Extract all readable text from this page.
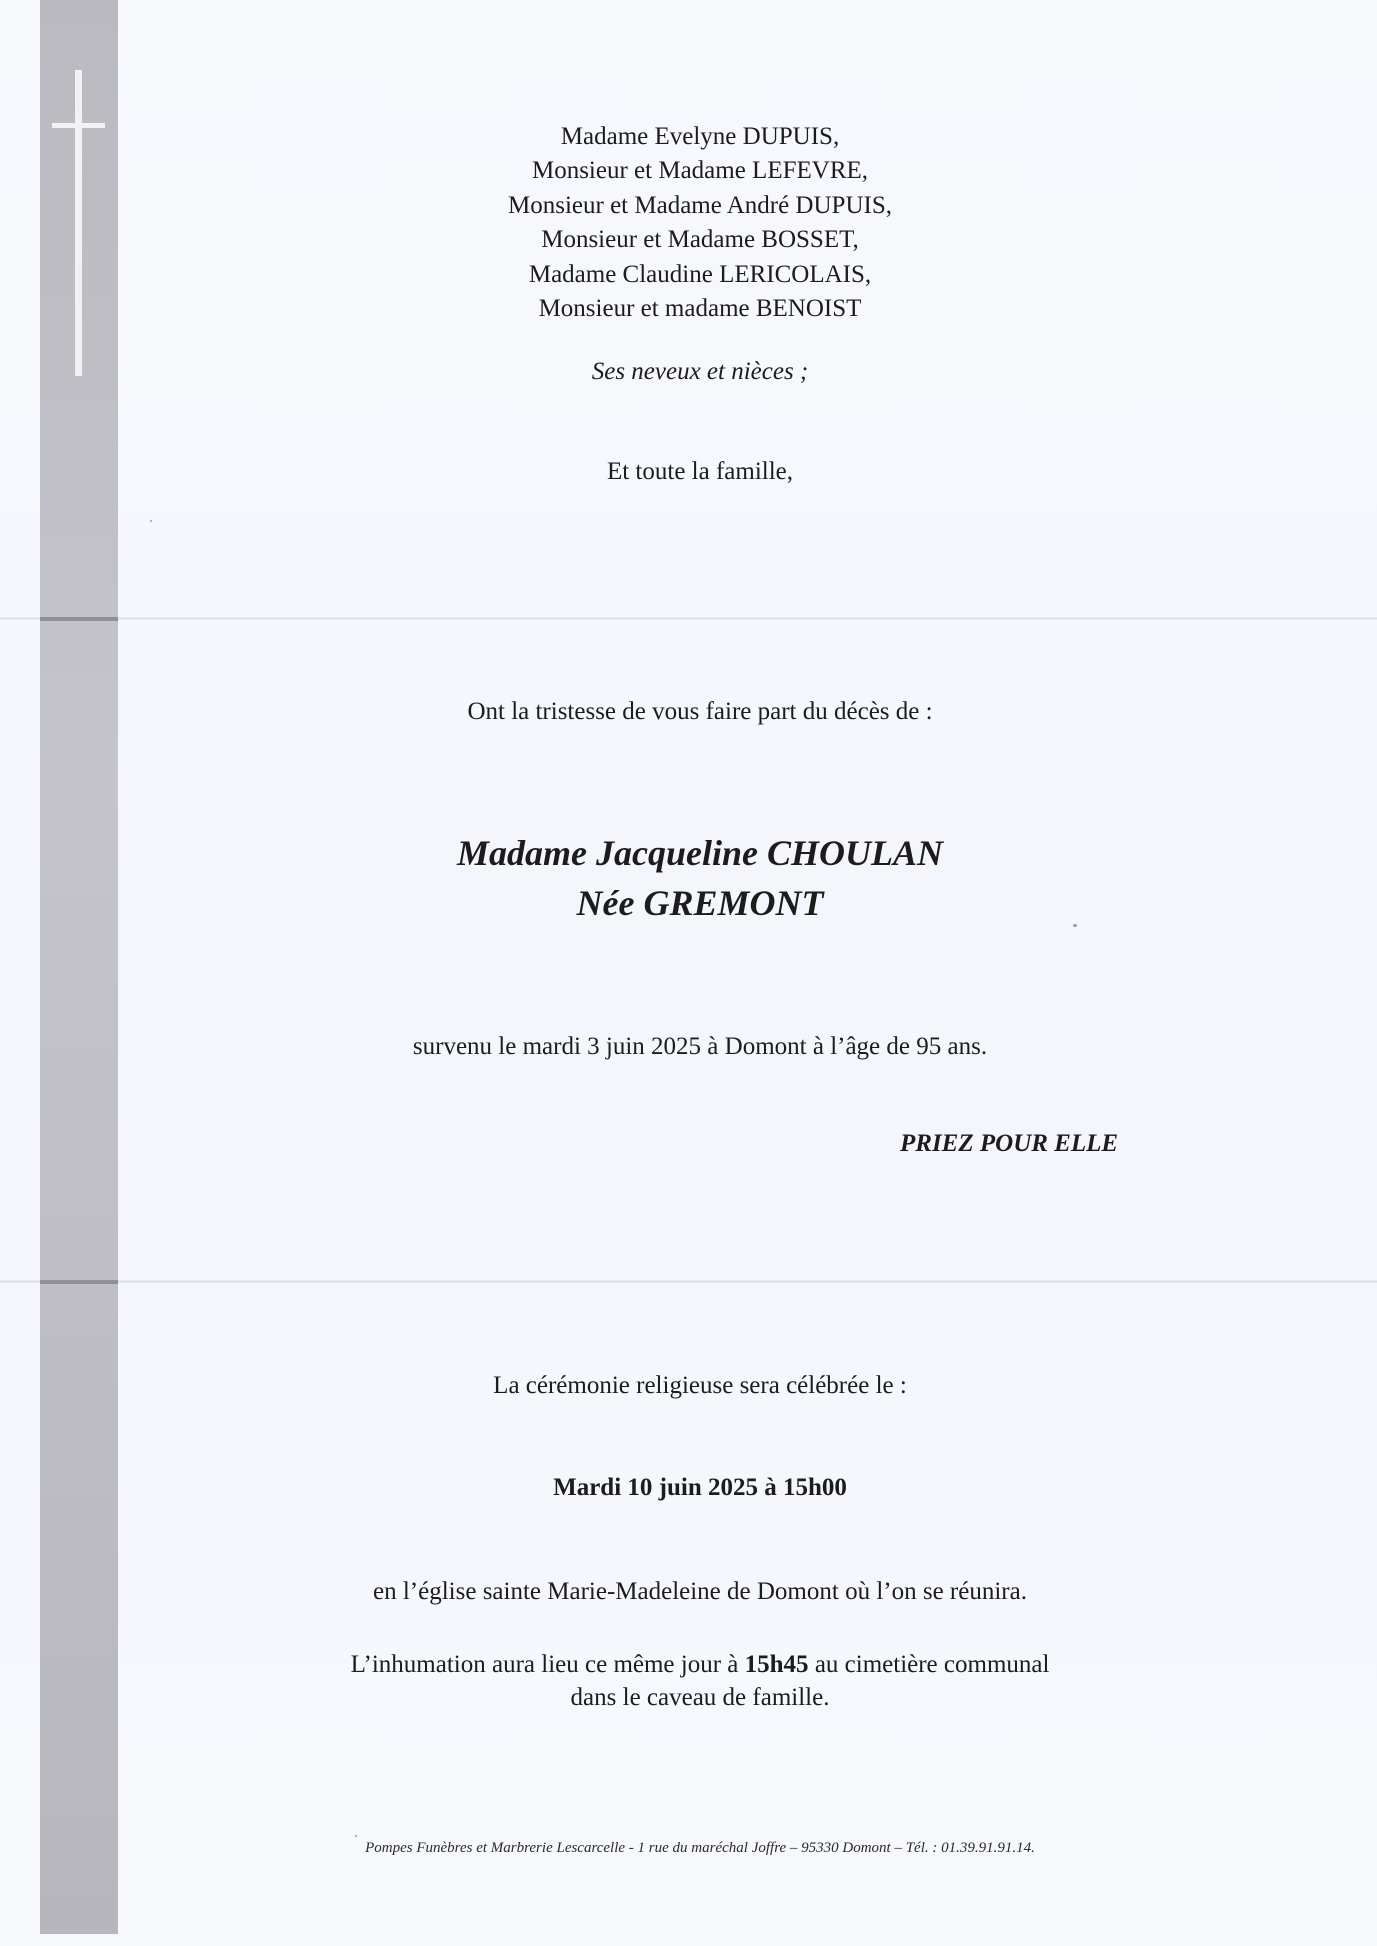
Madame Evelyne DUPUIS,
Monsieur et Madame LEFEVRE,
Monsieur et Madame André DUPUIS,
Monsieur et Madame BOSSET,
Madame Claudine LERICOLAIS,
Monsieur et madame BENOIST
Ses neveux et nièces ;
Et toute la famille,
Ont la tristesse de vous faire part du décès de :
Madame Jacqueline CHOULAN
Née GREMONT
survenu le mardi 3 juin 2025 à Domont à l’âge de 95 ans.
PRIEZ POUR ELLE
La cérémonie religieuse sera célébrée le :
Mardi 10 juin 2025 à 15h00
en l’église sainte Marie-Madeleine de Domont où l’on se réunira.
L’inhumation aura lieu ce même jour à 15h45 au cimetière communal
dans le caveau de famille.
Pompes Funèbres et Marbrerie Lescarcelle - 1 rue du maréchal Joffre – 95330 Domont – Tél. : 01.39.91.91.14.
